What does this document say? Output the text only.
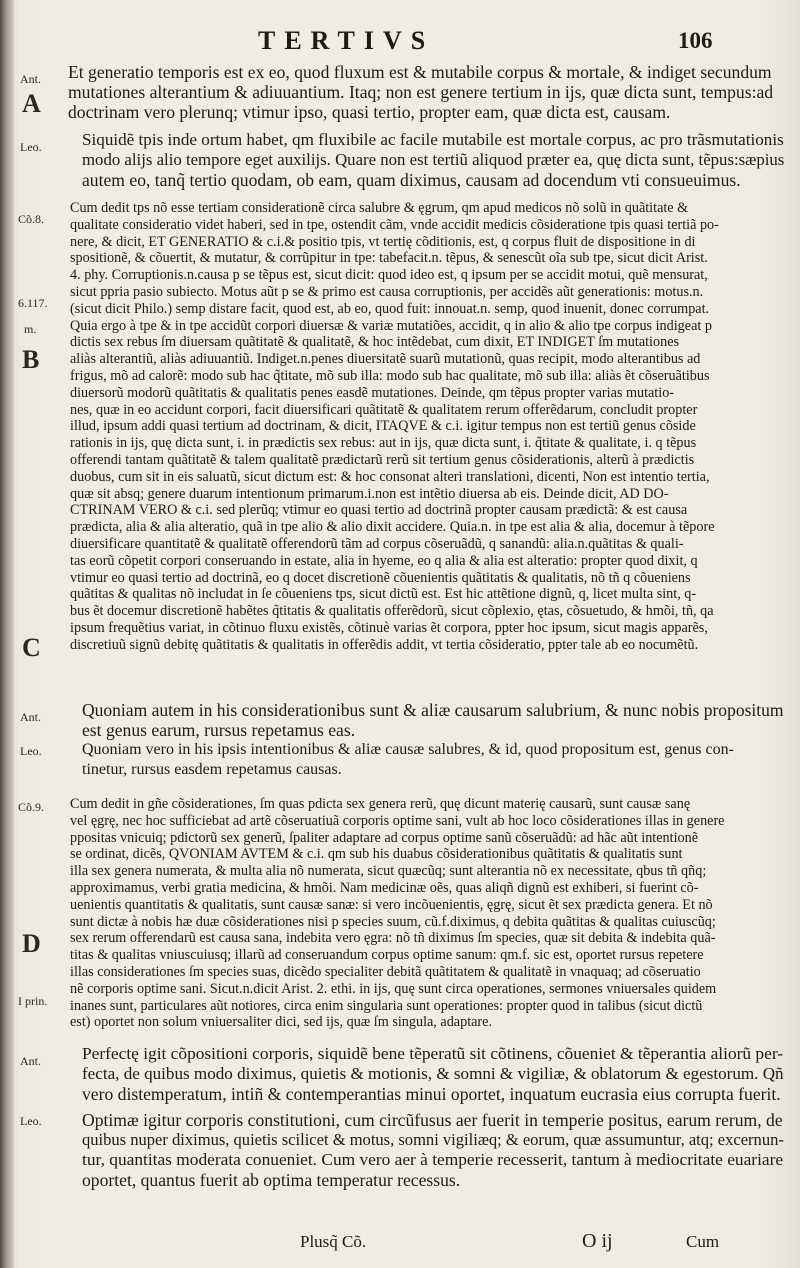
TERTIVS	106
Ant.
A
Leo.
Cõ.8.
6.117.
m.
B
C
Ant.
Leo.
Cõ.9.
D
I prin.
Ant.
Leo.

Et generatio temporis est ex eo, quod fluxum est & mutabile corpus & mortale, & indiget secundum
mutationes alterantium & adiuuantium. Itaq; non est genere tertium in ijs, quæ dicta sunt, tempus:ad
doctrinam vero plerunq; vtimur ipso, quasi tertio, propter eam, quæ dicta est, causam.
Siquidẽ tpis inde ortum habet, qm fluxibile ac facile mutabile est mortale corpus, ac pro trãsmutationis
modo alijs alio tempore eget auxilijs. Quare non est tertiũ aliquod præter ea, quę dicta sunt, tẽpus:sæpius
autem eo, tanq̃ tertio quodam, ob eam, quam diximus, causam ad docendum vti consueuimus.
Cum dedit tps nõ esse tertiam considerationẽ circa salubre & ęgrum, qm apud medicos nõ solũ in quãtitate &
qualitate consideratio videt haberi, sed in tpe, ostendit cãm, vnde accidit medicis cõsideratione tpis quasi tertiã po-
nere, & dicit, ET GENERATIO & c.i.& positio tpis, vt tertię cõditionis, est, q corpus fluit de dispositione in di
spositionẽ, & cõuertit, & mutatur, & corrũpitur in tpe: tabefacit.n. tẽpus, & senescũt oĩa sub tpe, sicut dicit Arist.
4. phy. Corruptionis.n.causa p se tẽpus est, sicut dicit: quod ideo est, q ipsum per se accidit motui, quẽ mensurat,
sicut ppria pasio subiecto. Motus aũt p se & primo est causa corruptionis, per accidẽs aũt generationis: motus.n.
(sicut dicit Philo.) semp distare facit, quod est, ab eo, quod fuit: innouat.n. semp, quod inuenit, donec corrumpat.
Quia ergo à tpe & in tpe accidũt corpori diuersæ & variæ mutatiões, accidit, q in alio & alio tpe corpus indigeat p
dictis sex rebus ſm diuersam quãtitatẽ & qualitatẽ, & hoc intẽdebat, cum dixit, ET INDIGET ſm mutationes
aliàs alterantiũ, aliàs adiuuantiũ. Indiget.n.penes diuersitatẽ suarũ mutationũ, quas recipit, modo alterantibus ad
frigus, mõ ad calorẽ: modo sub hac q̃titate, mõ sub illa: modo sub hac qualitate, mõ sub illa: aliàs ẽt cõseruãtibus
diuersorũ modorũ quãtitatis & qualitatis penes easdẽ mutationes. Deinde, qm tẽpus propter varias mutatio-
nes, quæ in eo accidunt corpori, facit diuersificari quãtitatẽ & qualitatem rerum offerẽdarum, concludit propter
illud, ipsum addi quasi tertium ad doctrinam, & dicit, ITAQVE & c.i. igitur tempus non est tertiũ genus cõside
rationis in ijs, quę dicta sunt, i. in prædictis sex rebus: aut in ijs, quæ dicta sunt, i. q̃titate & qualitate, i. q tẽpus
offerendi tantam quãtitatẽ & talem qualitatẽ prædictarũ rerũ sit tertium genus cõsiderationis, alterũ à prædictis
duobus, cum sit in eis saluatũ, sicut dictum est: & hoc consonat alteri translationi, dicenti, Non est intentio tertia,
quæ sit absq; genere duarum intentionum primarum.i.non est intẽtio diuersa ab eis. Deinde dicit, AD DO-
CTRINAM VERO & c.i. sed plerũq; vtimur eo quasi tertio ad doctrinã propter causam prædictã: & est causa
prædicta, alia & alia alteratio, quã in tpe alio & alio dixit accidere. Quia.n. in tpe est alia & alia, docemur à tẽpore
diuersificare quantitatẽ & qualitatẽ offerendorũ tãm ad corpus cõseruãdũ, q sanandũ: alia.n.quãtitas & quali-
tas eorũ cõpetit corpori conseruando in estate, alia in hyeme, eo q alia & alia est alteratio: propter quod dixit, q
vtimur eo quasi tertio ad doctrinã, eo q docet discretionẽ cõuenientis quãtitatis & qualitatis, nõ tñ q cõueniens
quãtitas & qualitas nõ includat in ſe cõueniens tps, sicut dictũ est. Est hic attẽtione dignũ, q, licet multa sint, q-
bus ẽt docemur discretionẽ habẽtes q̃titatis & qualitatis offerẽdorũ, sicut cõplexio, ętas, cõsuetudo, & hmõi, tñ, qa
ipsum frequẽtius variat, in cõtinuo fluxu existẽs, cõtinuè varias ẽt corpora, ppter hoc ipsum, sicut magis apparẽs,
discretiuũ signũ debitę quãtitatis & qualitatis in offerẽdis addit, vt tertia cõsideratio, ppter tale ab eo nocumẽtũ.
Quoniam autem in his considerationibus sunt & aliæ causarum salubrium, & nunc nobis propositum
est genus earum, rursus repetamus eas.
Quoniam vero in his ipsis intentionibus & aliæ causæ salubres, & id, quod propositum est, genus con-
tinetur, rursus easdem repetamus causas.
Cum dedit in gñe cõsiderationes, ſm quas pdicta sex genera rerũ, quę dicunt materię causarũ, sunt causæ sanę
vel ęgrę, nec hoc sufficiebat ad artẽ cõseruatiuã corporis optime sani, vult ab hoc loco cõsiderationes illas in genere
ppositas vnicuiq; pdictorũ sex generũ, ſpaliter adaptare ad corpus optime sanũ cõseruãdũ: ad hãc aũt intentionẽ
se ordinat, dicẽs, QVONIAM AVTEM & c.i. qm sub his duabus cõsiderationibus quãtitatis & qualitatis sunt
illa sex genera numerata, & multa alia nõ numerata, sicut quæcũq; sunt alterantia nõ ex necessitate, qbus tñ qñq;
approximamus, verbi gratia medicina, & hmõi. Nam medicinæ oẽs, quas aliqñ dignũ est exhiberi, si fuerint cõ-
uenientis quantitatis & qualitatis, sunt causæ sanæ: si vero incõuenientis, ęgrę, sicut ẽt sex prædicta genera. Et nõ
sunt dictæ à nobis hæ duæ cõsiderationes nisi p species suum, cũ.f.diximus, q debita quãtitas & qualitas cuiuscũq;
sex rerum offerendarũ est causa sana, indebita vero ęgra: nõ tñ diximus ſm species, quæ sit debita & indebita quã-
titas & qualitas vniuscuiusq; illarũ ad conseruandum corpus optime sanum: qm.f. sic est, oportet rursus repetere
illas considerationes ſm species suas, dicẽdo specialiter debitã quãtitatem & qualitatẽ in vnaquaq; ad cõseruatio
nẽ corporis optime sani. Sicut.n.dicit Arist. 2. ethi. in ijs, quę sunt circa operationes, sermones vniuersales quidem
inanes sunt, particulares aũt notiores, circa enim singularia sunt operationes: propter quod in talibus (sicut dictũ
est) oportet non solum vniuersaliter dici, sed ijs, quæ ſm singula, adaptare.
Perfectę igit cõpositioni corporis, siquidẽ bene tẽperatũ sit cõtinens, cõueniet & tẽperantia aliorũ per-
fecta, de quibus modo diximus, quietis & motionis, & somni & vigiliæ, & oblatorum & egestorum. Qñ
vero distemperatum, intiñ & contemperantias minui oportet, inquatum eucrasia eius corrupta fuerit.
Optimæ igitur corporis constitutioni, cum circũfusus aer fuerit in temperie positus, earum rerum, de
quibus nuper diximus, quietis scilicet & motus, somni vigiliæq; & eorum, quæ assumuntur, atq; excernun-
tur, quantitas moderata conueniet. Cum vero aer à temperie recesserit, tantum à mediocritate euariare
oportet, quantus fuerit ab optima temperatur recessus.
Plusq̃ Cõ.	O ij	Cum
